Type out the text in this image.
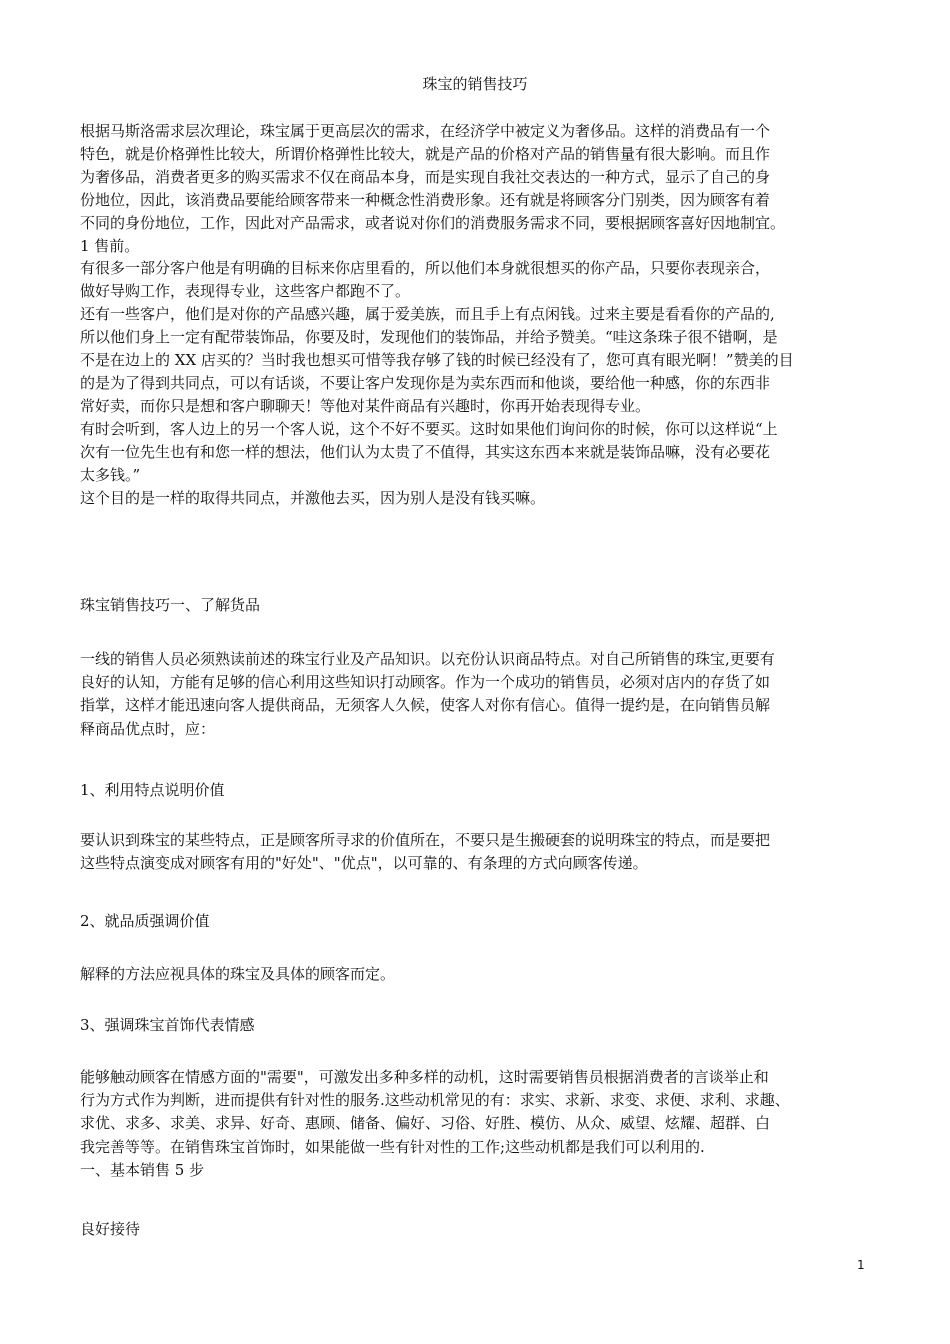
珠宝的销售技巧
根据马斯洛需求层次理论，珠宝属于更高层次的需求，在经济学中被定义为奢侈品。这样的消费品有一个
特色，就是价格弹性比较大，所谓价格弹性比较大，就是产品的价格对产品的销售量有很大影响。而且作
为奢侈品，消费者更多的购买需求不仅在商品本身，而是实现自我社交表达的一种方式，显示了自己的身
份地位，因此，该消费品要能给顾客带来一种概念性消费形象。还有就是将顾客分门别类，因为顾客有着
不同的身份地位，工作，因此对产品需求，或者说对你们的消费服务需求不同，要根据顾客喜好因地制宜。
1 售前。
有很多一部分客户他是有明确的目标来你店里看的，所以他们本身就很想买的你产品，只要你表现亲合，
做好导购工作，表现得专业，这些客户都跑不了。
还有一些客户，他们是对你的产品感兴趣，属于爱美族，而且手上有点闲钱。过来主要是看看你的产品的,
所以他们身上一定有配带装饰品，你要及时，发现他们的装饰品，并给予赞美。“哇这条珠子很不错啊，是
不是在边上的 XX 店买的？当时我也想买可惜等我存够了钱的时候已经没有了，您可真有眼光啊！”赞美的目
的是为了得到共同点，可以有话谈，不要让客户发现你是为卖东西而和他谈，要给他一种感，你的东西非
常好卖，而你只是想和客户聊聊天！等他对某件商品有兴趣时，你再开始表现得专业。
有时会听到，客人边上的另一个客人说，这个不好不要买。这时如果他们询问你的时候，你可以这样说“上
次有一位先生也有和您一样的想法，他们认为太贵了不值得，其实这东西本来就是装饰品嘛，没有必要花
太多钱。”
这个目的是一样的取得共同点，并激他去买，因为别人是没有钱买嘛。
珠宝销售技巧一、了解货品
一线的销售人员必须熟读前述的珠宝行业及产品知识。以充份认识商品特点。对自己所销售的珠宝,更要有
良好的认知，方能有足够的信心利用这些知识打动顾客。作为一个成功的销售员，必须对店内的存货了如
指掌，这样才能迅速向客人提供商品，无须客人久候，使客人对你有信心。值得一提约是，在向销售员解
释商品优点时，应：
1、利用特点说明价值
要认识到珠宝的某些特点，正是顾客所寻求的价值所在，不要只是生搬硬套的说明珠宝的特点，而是要把
这些特点演变成对顾客有用的"好处"、"优点"，以可靠的、有条理的方式向顾客传递。
2、就品质强调价值
解释的方法应视具体的珠宝及具体的顾客而定。
3、强调珠宝首饰代表情感
能够触动顾客在情感方面的"需要"，可激发出多种多样的动机，这时需要销售员根据消费者的言谈举止和
行为方式作为判断，进而提供有针对性的服务.这些动机常见的有：求实、求新、求变、求便、求利、求趣、
求优、求多、求美、求异、好奇、惠顾、储备、偏好、习俗、好胜、模仿、从众、威望、炫耀、超群、白
我完善等等。在销售珠宝首饰时，如果能做一些有针对性的工作;这些动机都是我们可以利用的.
一、基本销售 5 步
良好接待
1
